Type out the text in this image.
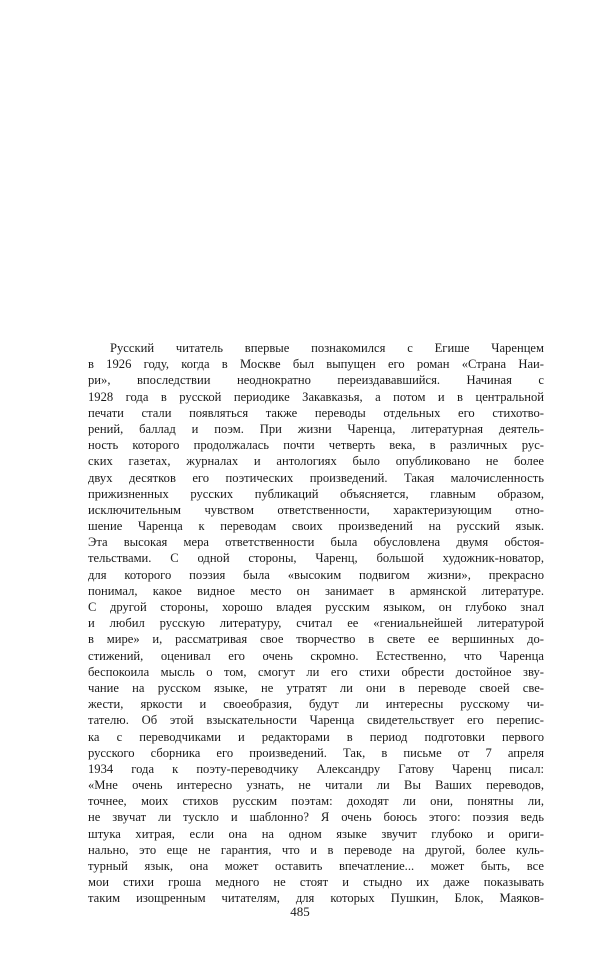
Русский читатель впервые познакомился с Егише Чаренцем
в 1926 году, когда в Москве был выпущен его роман «Страна Наи-
ри», впоследствии неоднократно переиздававшийся. Начиная с
1928 года в русской периодике Закавказья, а потом и в центральной
печати стали появляться также переводы отдельных его стихотво-
рений, баллад и поэм. При жизни Чаренца, литературная деятель-
ность которого продолжалась почти четверть века, в различных рус-
ских газетах, журналах и антологиях было опубликовано не более
двух десятков его поэтических произведений. Такая малочисленность
прижизненных русских публикаций объясняется, главным образом,
исключительным чувством ответственности, характеризующим отно-
шение Чаренца к переводам своих произведений на русский язык.
Эта высокая мера ответственности была обусловлена двумя обстоя-
тельствами. С одной стороны, Чаренц, большой художник-новатор,
для которого поэзия была «высоким подвигом жизни», прекрасно
понимал, какое видное место он занимает в армянской литературе.
С другой стороны, хорошо владея русским языком, он глубоко знал
и любил русскую литературу, считал ее «гениальнейшей литературой
в мире» и, рассматривая свое творчество в свете ее вершинных до-
стижений, оценивал его очень скромно. Естественно, что Чаренца
беспокоила мысль о том, смогут ли его стихи обрести достойное зву-
чание на русском языке, не утратят ли они в переводе своей све-
жести, яркости и своеобразия, будут ли интересны русскому чи-
тателю. Об этой взыскательности Чаренца свидетельствует его перепис-
ка с переводчиками и редакторами в период подготовки первого
русского сборника его произведений. Так, в письме от 7 апреля
1934 года к поэту-переводчику Александру Гатову Чаренц писал:
«Мне очень интересно узнать, не читали ли Вы Ваших переводов,
точнее, моих стихов русским поэтам: доходят ли они, понятны ли,
не звучат ли тускло и шаблонно? Я очень боюсь этого: поэзия ведь
штука хитрая, если она на одном языке звучит глубоко и ориги-
нально, это еще не гарантия, что и в переводе на другой, более куль-
турный язык, она может оставить впечатление... может быть, все
мои стихи гроша медного не стоят и стыдно их даже показывать
таким изощренным читателям, для которых Пушкин, Блок, Маяков-
485
